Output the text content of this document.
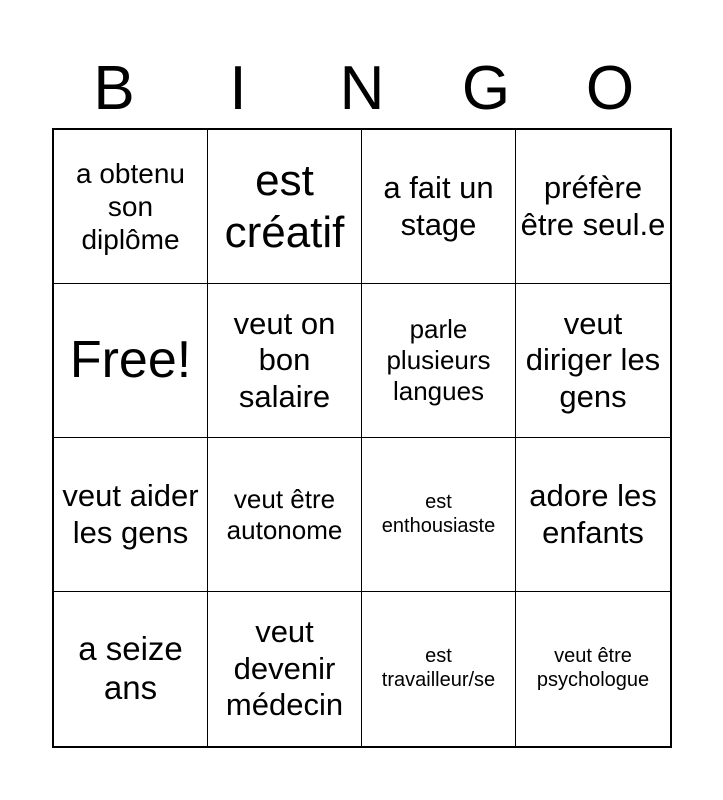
B	I	N	G	O
a obtenu son diplôme
est créatif
a fait un stage
préfère être seul.e
Free!
veut on bon salaire
parle plusieurs langues
veut diriger les gens
veut aider les gens
veut être autonome
est enthousiaste
adore les enfants
a seize ans
veut devenir médecin
est travailleur/se
veut être psychologue
